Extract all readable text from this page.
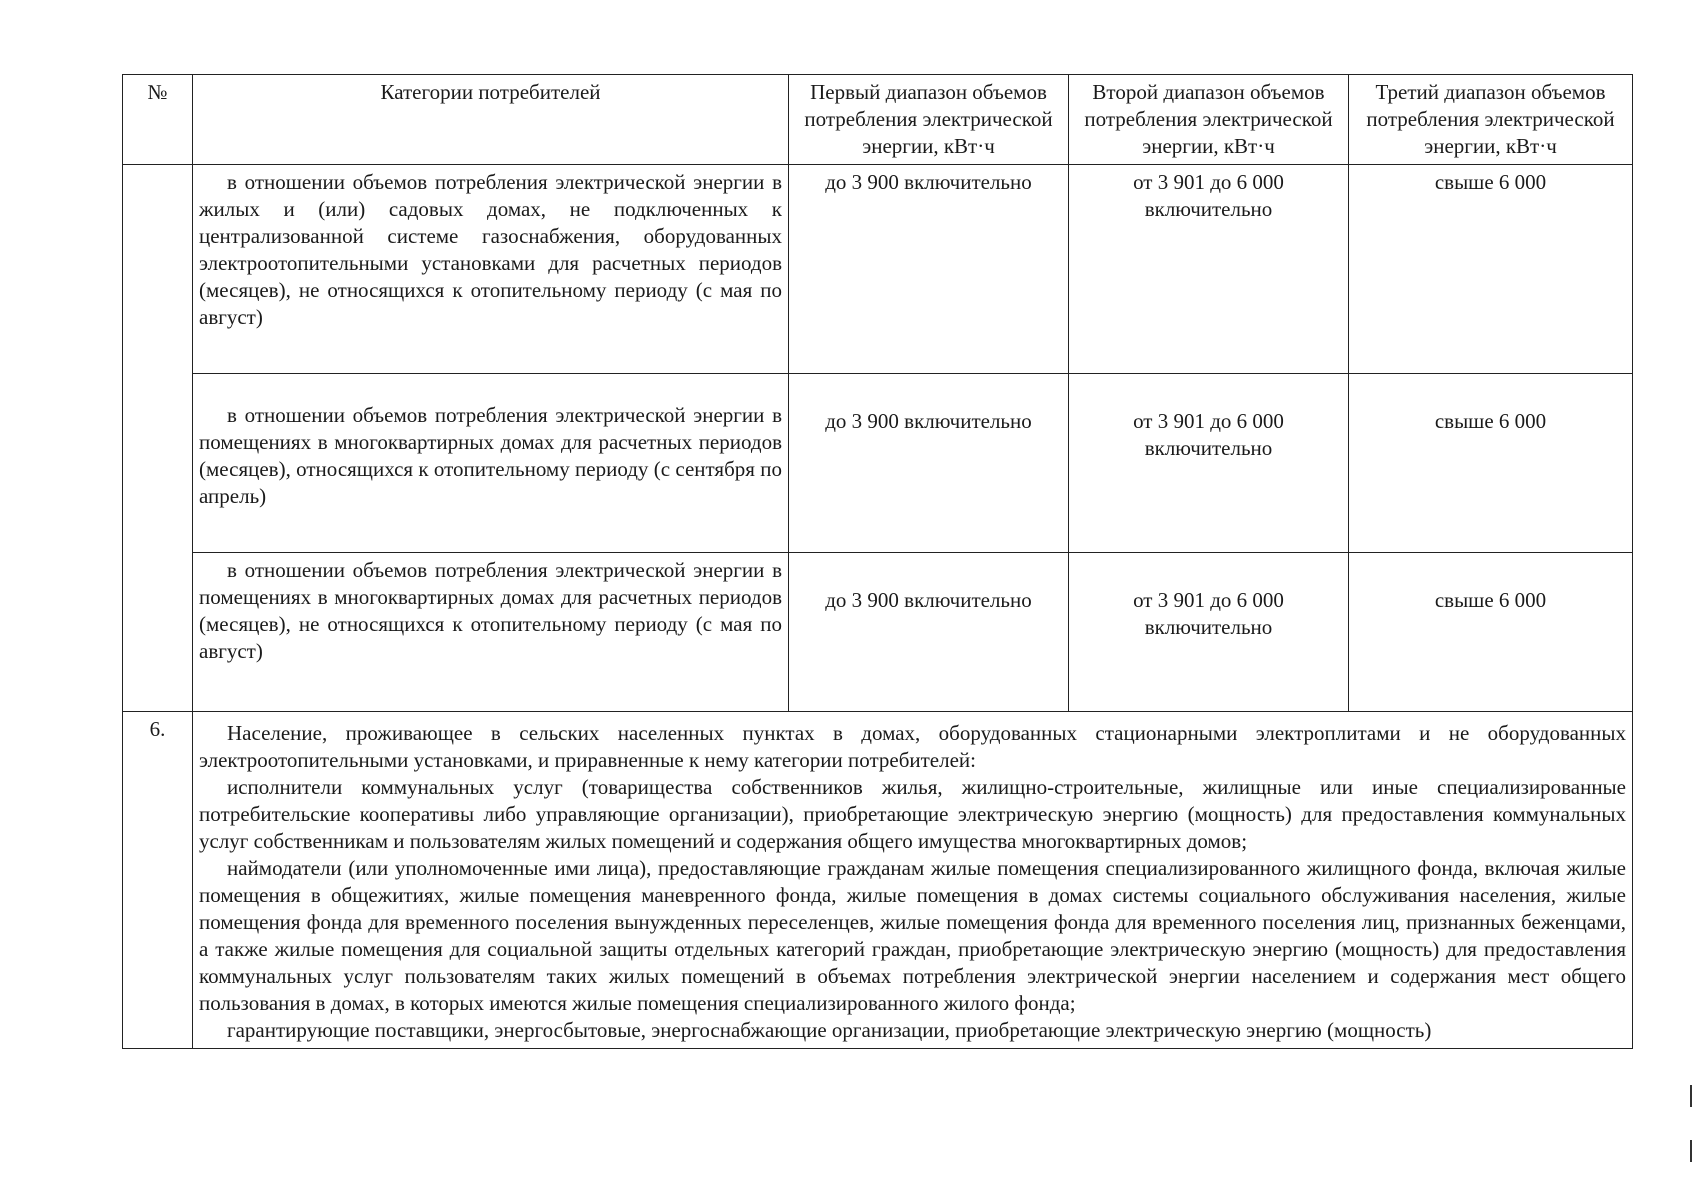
№	Категории потребителей	Первый диапазон объемов потребления электрической энергии, кВт·ч	Второй диапазон объемов потребления электрической энергии, кВт·ч	Третий диапазон объемов потребления электрической энергии, кВт·ч
	в отношении объемов потребления электрической энергии в жилых и (или) садовых домах, не подключенных к централизованной системе газоснабжения, оборудованных электроотопительными установками для расчетных периодов (месяцев), не относящихся к отопительному периоду (с мая по август)	до 3 900 включительно	от 3 901 до 6 000 включительно	свыше 6 000
	в отношении объемов потребления электрической энергии в помещениях в многоквартирных домах для расчетных периодов (месяцев), относящихся к отопительному периоду (с сентября по апрель)	до 3 900 включительно	от 3 901 до 6 000 включительно	свыше 6 000
	в отношении объемов потребления электрической энергии в помещениях в многоквартирных домах для расчетных периодов (месяцев), не относящихся к отопительному периоду (с мая по август)	до 3 900 включительно	от 3 901 до 6 000 включительно	свыше 6 000
6.	Население, проживающее в сельских населенных пунктах в домах, оборудованных стационарными электроплитами и не оборудованных электроотопительными установками, и приравненные к нему категории потребителей:

исполнители коммунальных услуг (товарищества собственников жилья, жилищно-строительные, жилищные или иные специализированные потребительские кооперативы либо управляющие организации), приобретающие электрическую энергию (мощность) для предоставления коммунальных услуг собственникам и пользователям жилых помещений и содержания общего имущества многоквартирных домов;

наймодатели (или уполномоченные ими лица), предоставляющие гражданам жилые помещения специализированного жилищного фонда, включая жилые помещения в общежитиях, жилые помещения маневренного фонда, жилые помещения в домах системы социального обслуживания населения, жилые помещения фонда для временного поселения вынужденных переселенцев, жилые помещения фонда для временного поселения лиц, признанных беженцами, а также жилые помещения для социальной защиты отдельных категорий граждан, приобретающие электрическую энергию (мощность) для предоставления коммунальных услуг пользователям таких жилых помещений в объемах потребления электрической энергии населением и содержания мест общего пользования в домах, в которых имеются жилые помещения специализированного жилого фонда;

гарантирующие поставщики, энергосбытовые, энергоснабжающие организации, приобретающие электрическую энергию (мощность)			
